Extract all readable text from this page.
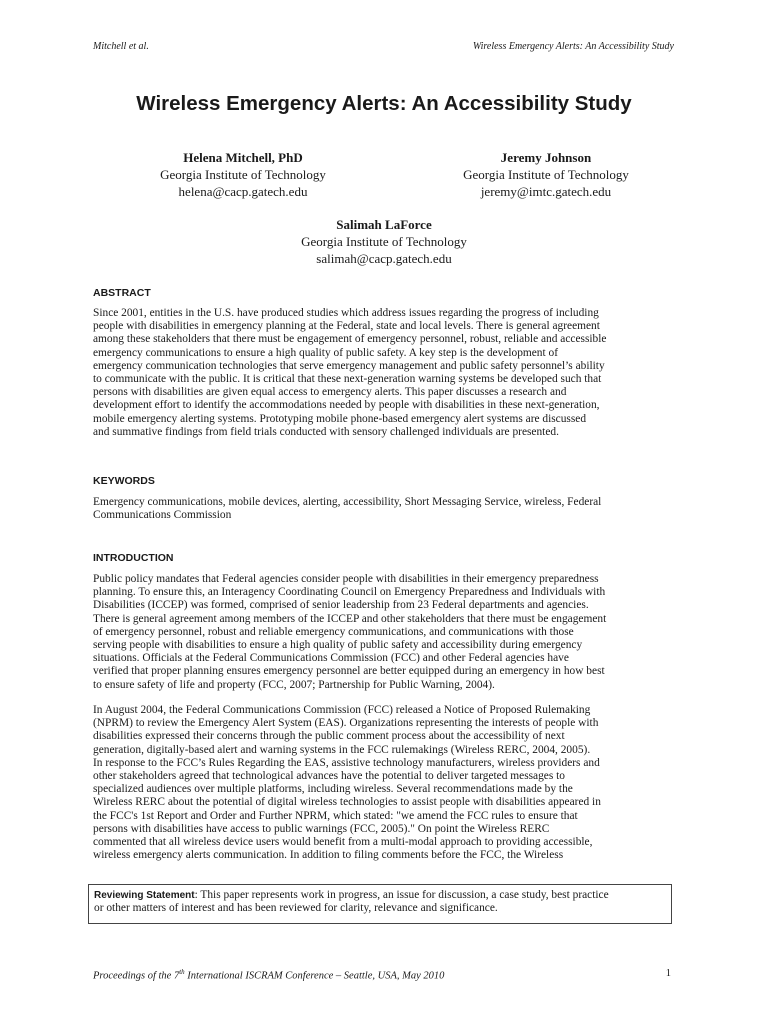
Mitchell et al.	Wireless Emergency Alerts: An Accessibility Study
Wireless Emergency Alerts: An Accessibility Study
Helena Mitchell, PhD
Georgia Institute of Technology
helena@cacp.gatech.edu
Jeremy Johnson
Georgia Institute of Technology
jeremy@imtc.gatech.edu
Salimah LaForce
Georgia Institute of Technology
salimah@cacp.gatech.edu
ABSTRACT
Since 2001, entities in the U.S. have produced studies which address issues regarding the progress of including
people with disabilities in emergency planning at the Federal, state and local levels. There is general agreement
among these stakeholders that there must be engagement of emergency personnel, robust, reliable and accessible
emergency communications to ensure a high quality of public safety. A key step is the development of
emergency communication technologies that serve emergency management and public safety personnel’s ability
to communicate with the public. It is critical that these next-generation warning systems be developed such that
persons with disabilities are given equal access to emergency alerts. This paper discusses a research and
development effort to identify the accommodations needed by people with disabilities in these next-generation,
mobile emergency alerting systems. Prototyping mobile phone-based emergency alert systems are discussed
and summative findings from field trials conducted with sensory challenged individuals are presented.
KEYWORDS
Emergency communications, mobile devices, alerting, accessibility, Short Messaging Service, wireless, Federal
Communications Commission
INTRODUCTION
Public policy mandates that Federal agencies consider people with disabilities in their emergency preparedness
planning. To ensure this, an Interagency Coordinating Council on Emergency Preparedness and Individuals with
Disabilities (ICCEP) was formed, comprised of senior leadership from 23 Federal departments and agencies.
There is general agreement among members of the ICCEP and other stakeholders that there must be engagement
of emergency personnel, robust and reliable emergency communications, and communications with those
serving people with disabilities to ensure a high quality of public safety and accessibility during emergency
situations. Officials at the Federal Communications Commission (FCC) and other Federal agencies have
verified that proper planning ensures emergency personnel are better equipped during an emergency in how best
to ensure safety of life and property (FCC, 2007; Partnership for Public Warning, 2004).
In August 2004, the Federal Communications Commission (FCC) released a Notice of Proposed Rulemaking
(NPRM) to review the Emergency Alert System (EAS). Organizations representing the interests of people with
disabilities expressed their concerns through the public comment process about the accessibility of next
generation, digitally-based alert and warning systems in the FCC rulemakings (Wireless RERC, 2004, 2005).
In response to the FCC’s Rules Regarding the EAS, assistive technology manufacturers, wireless providers and
other stakeholders agreed that technological advances have the potential to deliver targeted messages to
specialized audiences over multiple platforms, including wireless. Several recommendations made by the
Wireless RERC about the potential of digital wireless technologies to assist people with disabilities appeared in
the FCC's 1st Report and Order and Further NPRM, which stated: "we amend the FCC rules to ensure that
persons with disabilities have access to public warnings (FCC, 2005)." On point the Wireless RERC
commented that all wireless device users would benefit from a multi-modal approach to providing accessible,
wireless emergency alerts communication. In addition to filing comments before the FCC, the Wireless
Reviewing Statement: This paper represents work in progress, an issue for discussion, a case study, best practice
or other matters of interest and has been reviewed for clarity, relevance and significance.
Proceedings of the 7th International ISCRAM Conference – Seattle, USA, May 2010	1
